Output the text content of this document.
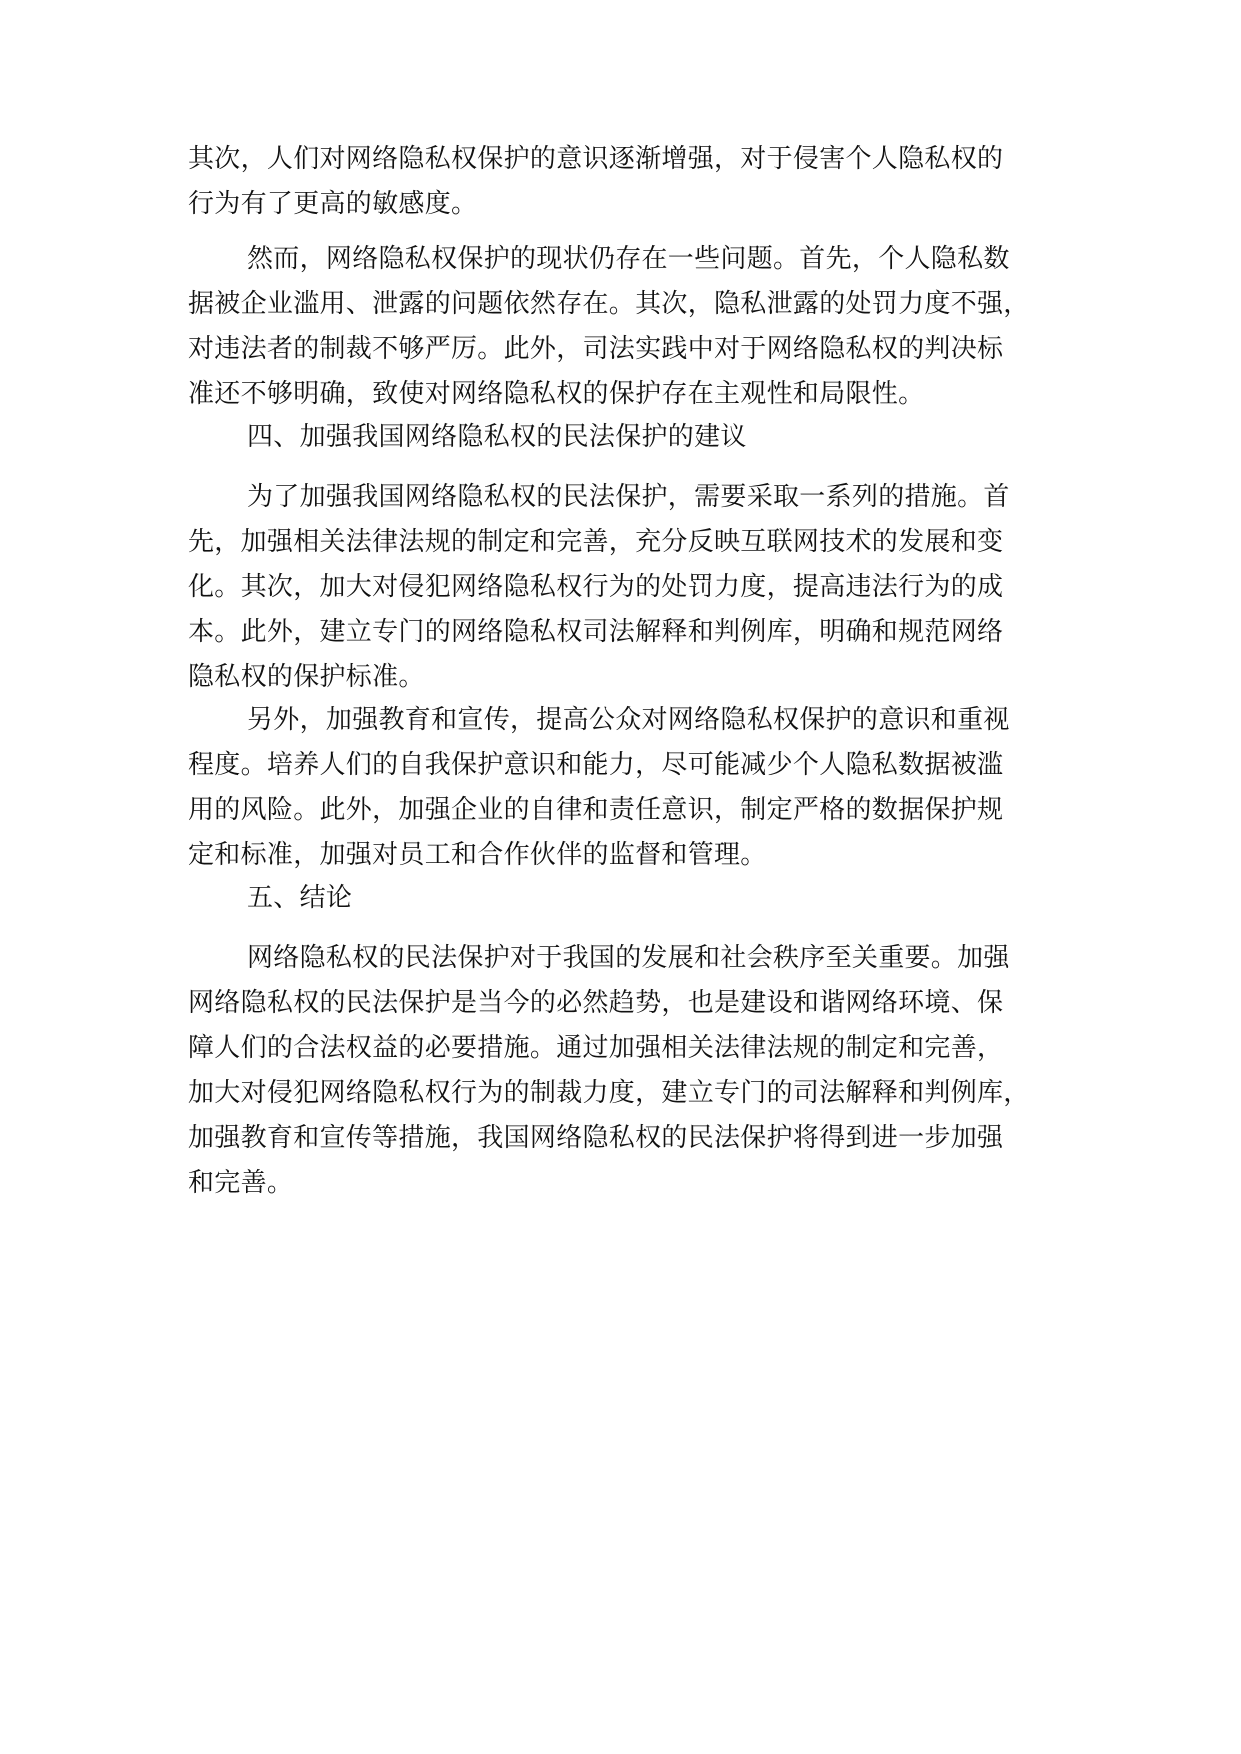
其次，人们对网络隐私权保护的意识逐渐增强，对于侵害个人隐私权的
行为有了更高的敏感度。
然而，网络隐私权保护的现状仍存在一些问题。首先，个人隐私数
据被企业滥用、泄露的问题依然存在。其次，隐私泄露的处罚力度不强，
对违法者的制裁不够严厉。此外，司法实践中对于网络隐私权的判决标
准还不够明确，致使对网络隐私权的保护存在主观性和局限性。
四、加强我国网络隐私权的民法保护的建议
为了加强我国网络隐私权的民法保护，需要采取一系列的措施。首
先，加强相关法律法规的制定和完善，充分反映互联网技术的发展和变
化。其次，加大对侵犯网络隐私权行为的处罚力度，提高违法行为的成
本。此外，建立专门的网络隐私权司法解释和判例库，明确和规范网络
隐私权的保护标准。
另外，加强教育和宣传，提高公众对网络隐私权保护的意识和重视
程度。培养人们的自我保护意识和能力，尽可能减少个人隐私数据被滥
用的风险。此外，加强企业的自律和责任意识，制定严格的数据保护规
定和标准，加强对员工和合作伙伴的监督和管理。
五、结论
网络隐私权的民法保护对于我国的发展和社会秩序至关重要。加强
网络隐私权的民法保护是当今的必然趋势，也是建设和谐网络环境、保
障人们的合法权益的必要措施。通过加强相关法律法规的制定和完善，
加大对侵犯网络隐私权行为的制裁力度，建立专门的司法解释和判例库，
加强教育和宣传等措施，我国网络隐私权的民法保护将得到进一步加强
和完善。
